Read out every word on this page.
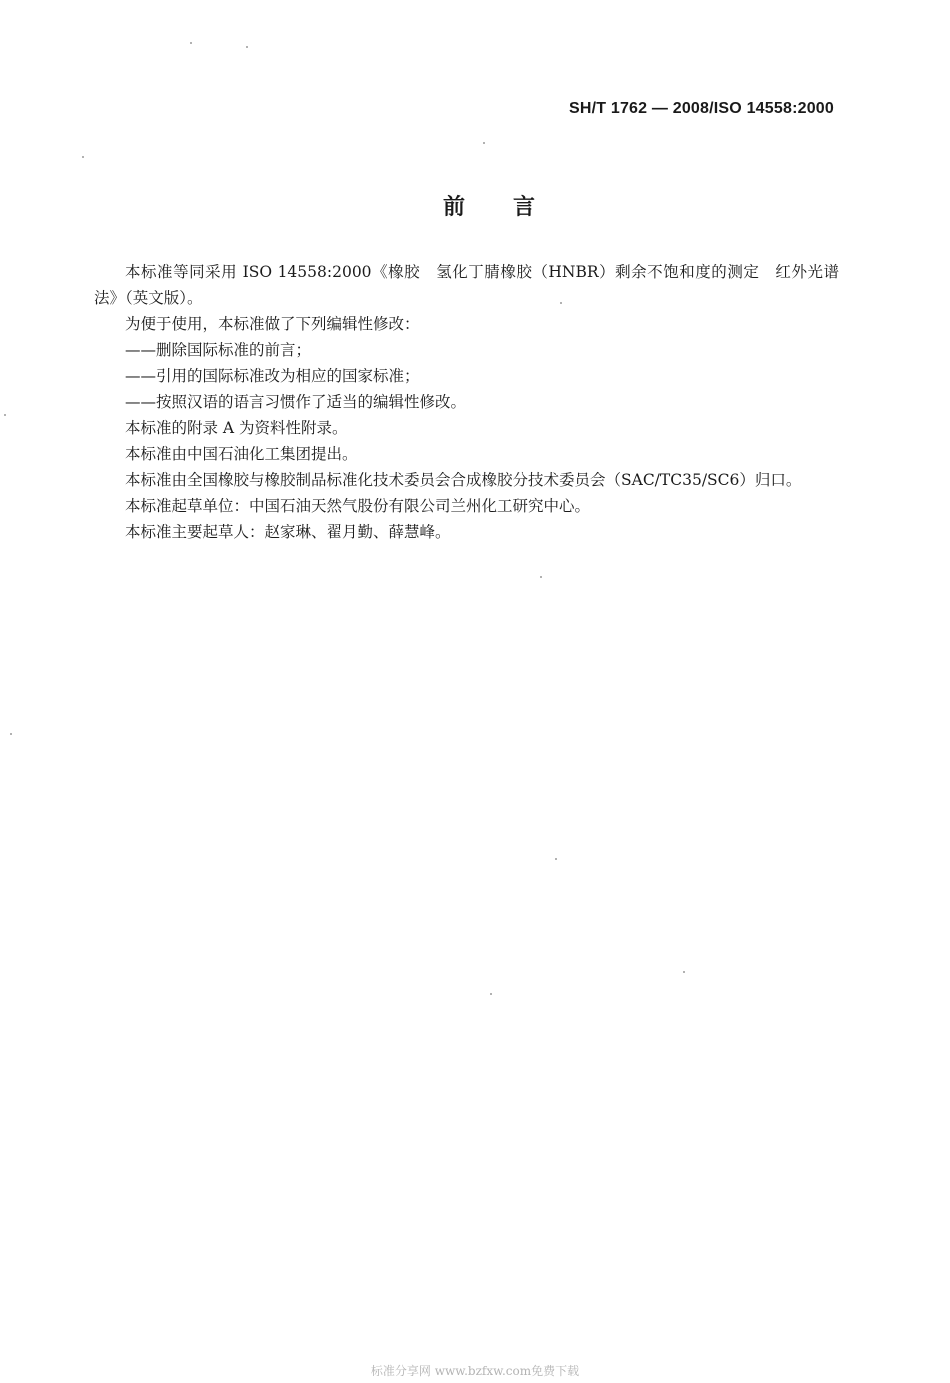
SH/T 1762 — 2008/ISO 14558:2000
前言

本标准等同采用 ISO 14558:2000《橡胶　氢化丁腈橡胶（HNBR）剩余不饱和度的测定　红外光谱法》（英文版）。

为便于使用，本标准做了下列编辑性修改：

——删除国际标准的前言；

——引用的国际标准改为相应的国家标准；

——按照汉语的语言习惯作了适当的编辑性修改。

本标准的附录 A 为资料性附录。

本标准由中国石油化工集团提出。

本标准由全国橡胶与橡胶制品标准化技术委员会合成橡胶分技术委员会（SAC/TC35/SC6）归口。

本标准起草单位：中国石油天然气股份有限公司兰州化工研究中心。

本标准主要起草人：赵家琳、翟月勤、薛慧峰。

标准分享网 www.bzfxw.com免费下载
